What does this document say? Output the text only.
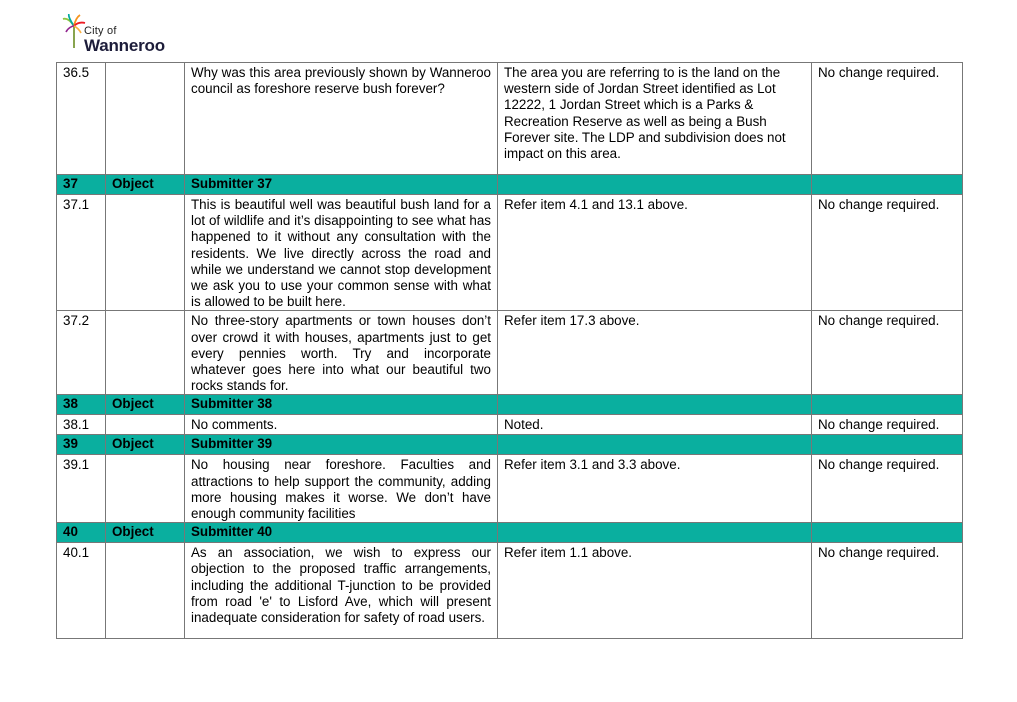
City of
Wanneroo
36.5		Why was this area previously shown by Wanneroo council as foreshore reserve bush forever?	The area you are referring to is the land on the western side of Jordan Street identified as Lot 12222, 1 Jordan Street which is a Parks & Recreation Reserve as well as being a Bush Forever site. The LDP and subdivision does not impact on this area.	No change required.
37	Object	Submitter 37		
37.1		This is beautiful well was beautiful bush land for a lot of wildlife and it’s disappointing to see what has happened to it without any consultation with the residents. We live directly across the road and while we understand we cannot stop development we ask you to use your common sense with what is allowed to be built here.	Refer item 4.1 and 13.1 above.	No change required.
37.2		No three-story apartments or town houses don’t over crowd it with houses, apartments just to get every pennies worth. Try and incorporate whatever goes here into what our beautiful two rocks stands for.	Refer item 17.3 above.	No change required.
38	Object	Submitter 38		
38.1		No comments.	Noted.	No change required.
39	Object	Submitter 39		
39.1		No housing near foreshore. Faculties and attractions to help support the community, adding more housing makes it worse. We don’t have enough community facilities	Refer item 3.1 and 3.3 above.	No change required.
40	Object	Submitter 40		
40.1		As an association, we wish to express our objection to the proposed traffic arrangements, including the additional T-junction to be provided from road 'e' to Lisford Ave, which will present inadequate consideration for safety of road users.	Refer item 1.1 above.	No change required.
